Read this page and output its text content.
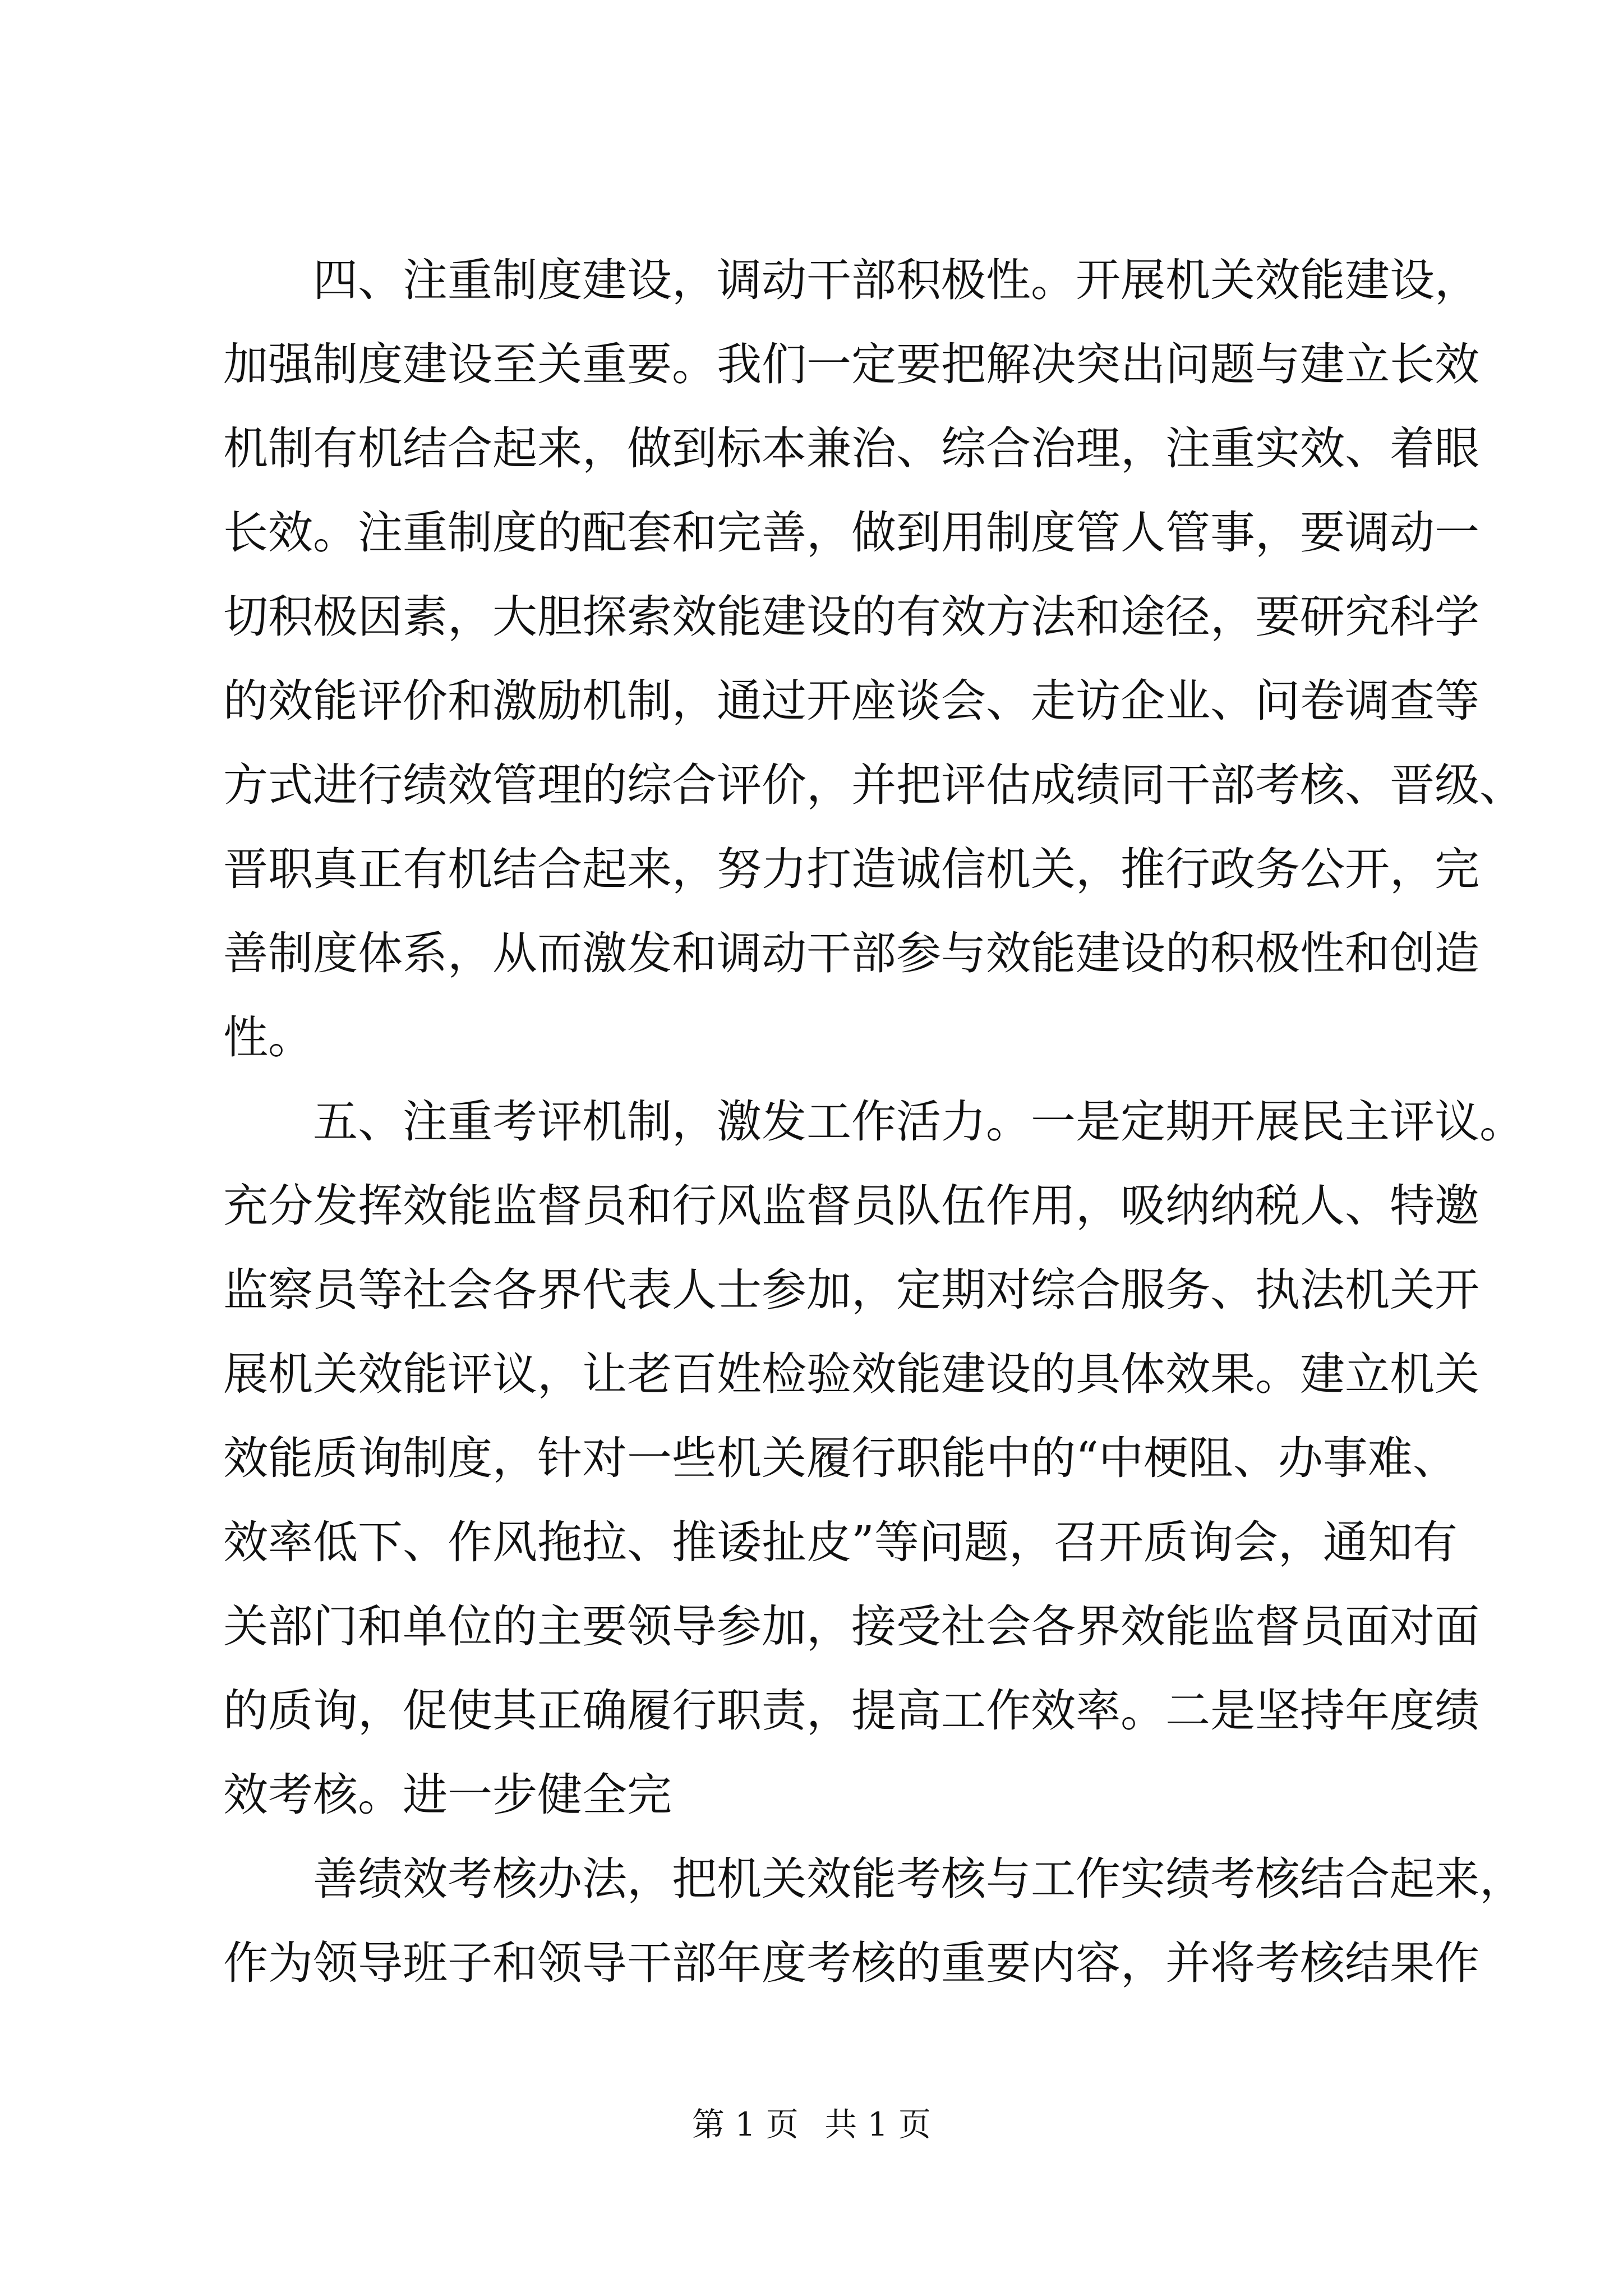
四、注重制度建设，调动干部积极性。开展机关效能建设，
加强制度建设至关重要。我们一定要把解决突出问题与建立长效
机制有机结合起来，做到标本兼治、综合治理，注重实效、着眼
长效。注重制度的配套和完善，做到用制度管人管事，要调动一
切积极因素，大胆探索效能建设的有效方法和途径，要研究科学
的效能评价和激励机制，通过开座谈会、走访企业、问卷调查等
方式进行绩效管理的综合评价，并把评估成绩同干部考核、晋级、
晋职真正有机结合起来，努力打造诚信机关，推行政务公开，完
善制度体系，从而激发和调动干部参与效能建设的积极性和创造
性。
五、注重考评机制，激发工作活力。一是定期开展民主评议。
充分发挥效能监督员和行风监督员队伍作用，吸纳纳税人、特邀
监察员等社会各界代表人士参加，定期对综合服务、执法机关开
展机关效能评议，让老百姓检验效能建设的具体效果。建立机关
效能质询制度，针对一些机关履行职能中的“中梗阻、办事难、
效率低下、作风拖拉、推诿扯皮”等问题，召开质询会，通知有
关部门和单位的主要领导参加，接受社会各界效能监督员面对面
的质询，促使其正确履行职责，提高工作效率。二是坚持年度绩
效考核。进一步健全完
善绩效考核办法，把机关效能考核与工作实绩考核结合起来，
作为领导班子和领导干部年度考核的重要内容，并将考核结果作
第 1 页 共 1 页
